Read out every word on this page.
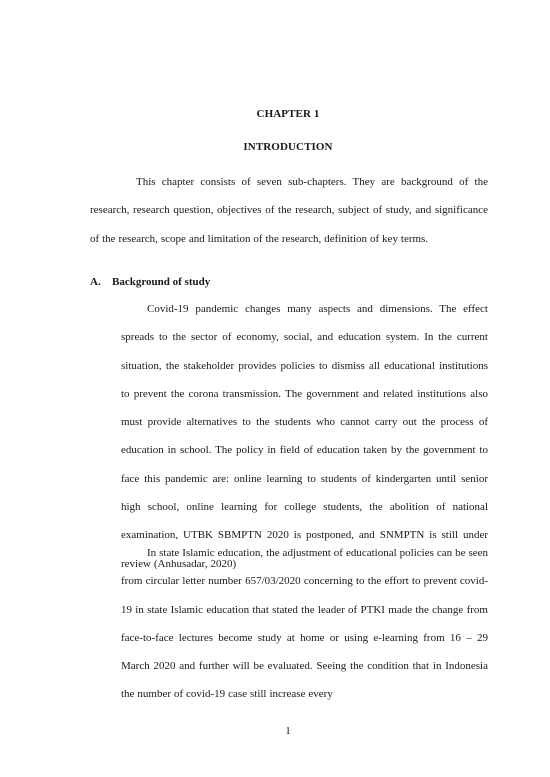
CHAPTER 1
INTRODUCTION

This chapter consists of seven sub-chapters. They are background of the research, research question, objectives of the research, subject of study, and significance of the research, scope and limitation of the research, definition of key terms.

A. Background of study

Covid-19 pandemic changes many aspects and dimensions. The effect spreads to the sector of economy, social, and education system. In the current situation, the stakeholder provides policies to dismiss all educational institutions to prevent the corona transmission. The government and related institutions also must provide alternatives to the students who cannot carry out the process of education in school. The policy in field of education taken by the government to face this pandemic are: online learning to students of kindergarten until senior high school, online learning for college students, the abolition of national examination, UTBK SBMPTN 2020 is postponed, and SNMPTN is still under review (Anhusadar, 2020)

In state Islamic education, the adjustment of educational policies can be seen from circular letter number 657/03/2020 concerning to the effort to prevent covid-19 in state Islamic education that stated the leader of PTKI made the change from face-to-face lectures become study at home or using e-learning from 16 – 29 March 2020 and further will be evaluated. Seeing the condition that in Indonesia the number of covid-19 case still increase every

1
